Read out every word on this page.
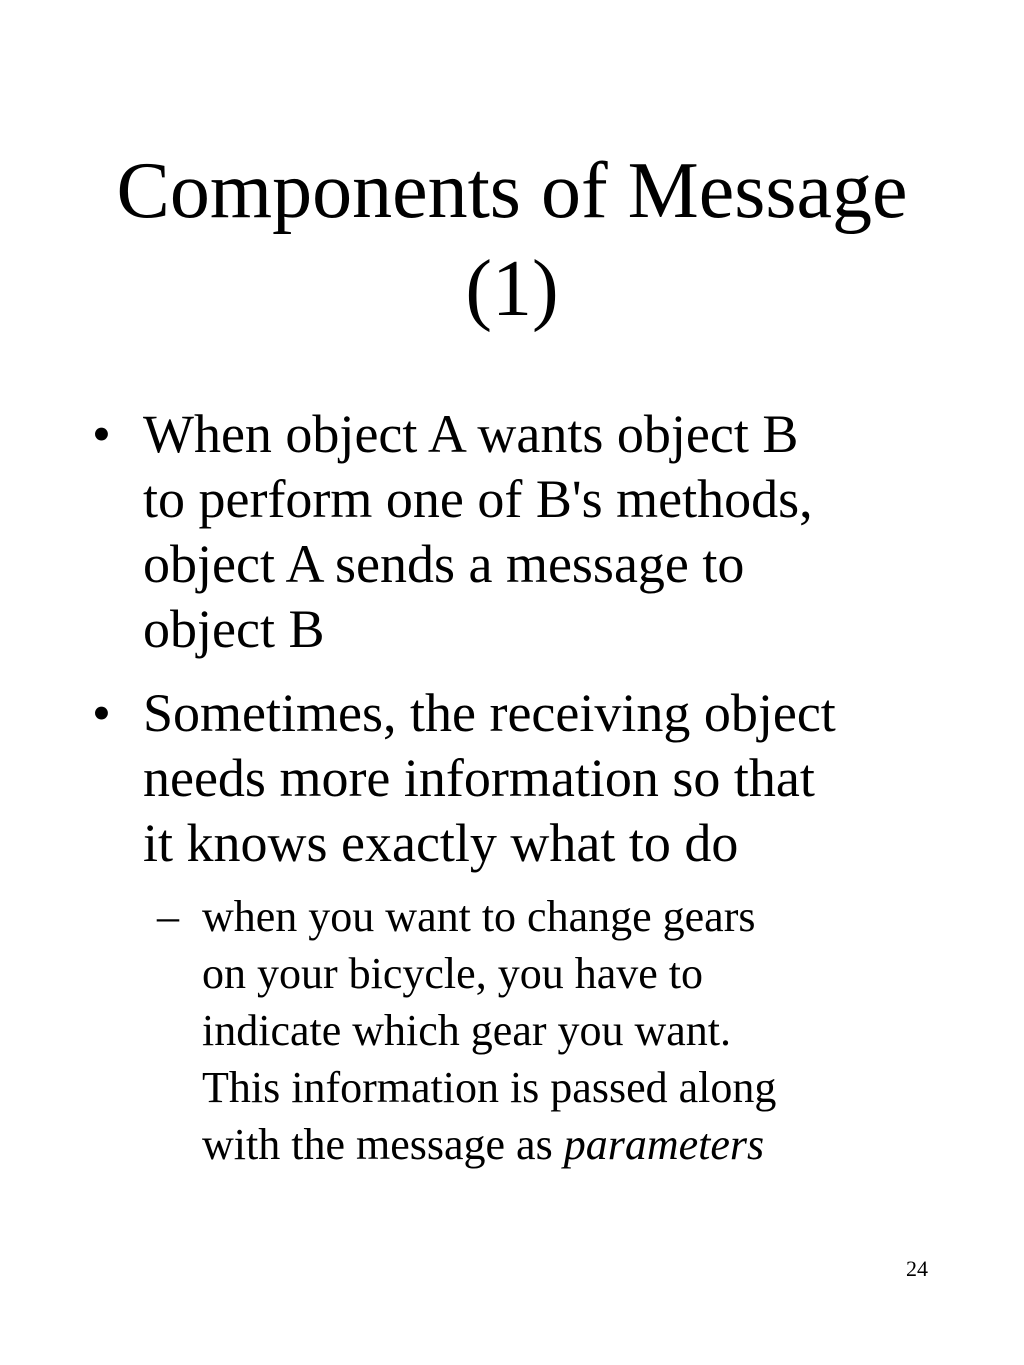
Components of Message
(1)
• When object A wants object B
to perform one of B's methods,
object A sends a message to
object B
• Sometimes, the receiving object
needs more information so that
it knows exactly what to do
– when you want to change gears
on your bicycle, you have to
indicate which gear you want.
This information is passed along
with the message as parameters
24
